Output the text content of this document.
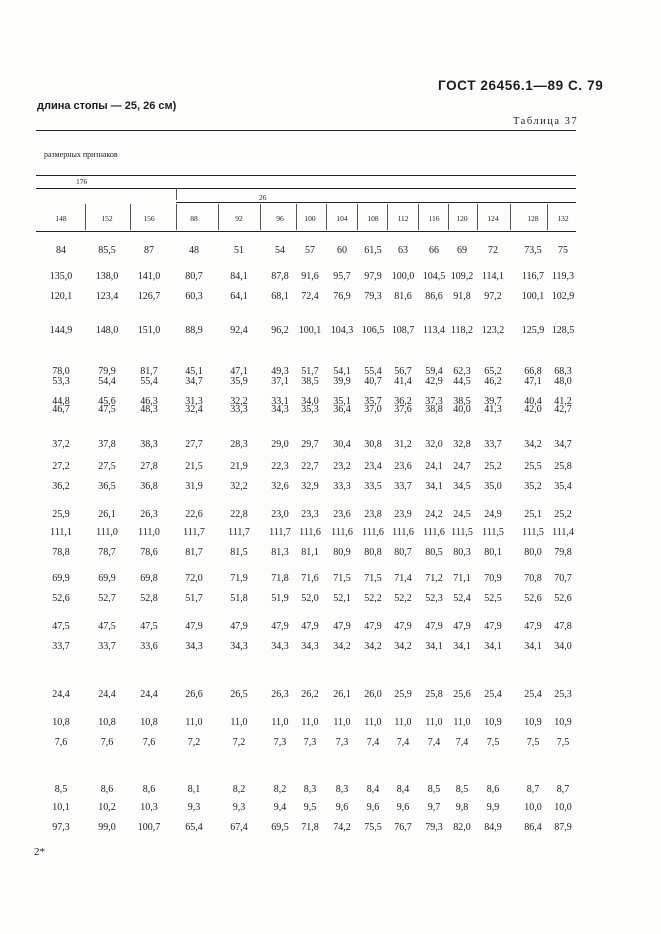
ГОСТ 26456.1—89 С. 79
длина стопы — 25, 26 см)
Таблица 37
размерных признаков
176
26
148	152	156	88	92	96	100	104	108	112	116 120	124	128	132
84	85,5	87	48	51	54 57 60 61,5 63 66 69 72	73,5 75
135,0 138,0 141,0	80,7	84,1 87,8 91,6 95,7 97,9 100,0 104,5 109,2 114,1 116,7 119,3
120,1 123,4 126,7	60,3	64,1 68,1 72,4 76,9 79,3 81,6 86,6 91,8 97,2 100,1 102,9
144,9 148,0 151,0	88,9	92,4 96,2 100,1 104,3 106,5 108,7 113,4 118,2 123,2 125,9 128,5
78,0	79,9 81,7	45,1	47,1 49,3 51,7 54,1 55,4 56,7 59,4 62,3 65,2 66,8 68,3
53,3	54,4 55,4	34,7	35,9 37,1 38,5 39,9 40,7 41,4 42,9 44,5 46,2 47,1 48,0
44,8	45,6 46,3	31,3	32,2 33,1 34,0 35,1 35,7 36,2 37,3 38,5 39,7 40,4 41,2
46,7	47,5 48,3	32,4	33,3 34,3 35,3 36,4 37,0 37,6 38,8 40,0 41,3 42,0 42,7
37,2	37,8 38,3	27,7	28,3 29,0 29,7 30,4 30,8 31,2 32,0 32,8 33,7 34,2 34,7
27,2	27,5 27,8	21,5	21,9 22,3 22,7 23,2 23,4 23,6 24,1 24,7 25,2 25,5 25,8
36,2	36,5 36,8	31,9	32,2 32,6 32,9 33,3 33,5 33,7 34,1 34,5 35,0 35,2 35,4
25,9	26,1 26,3	22,6	22,8 23,0 23,3 23,6 23,8 23,9 24,2 24,5 24,9 25,1 25,2
111,1 111,0 111,0 111,7 111,7 111,7 111,6 111,6 111,6 111,6 111,6 111,5 111,5 111,5 111,4
78,8	78,7 78,6	81,7	81,5 81,3 81,1 80,9 80,8 80,7 80,5 80,3 80,1 80,0 79,8
69,9	69,9 69,8	72,0	71,9 71,8 71,6 71,5 71,5 71,4 71,2 71,1 70,9 70,8 70,7
52,6	52,7 52,8	51,7	51,8 51,9 52,0 52,1 52,2 52,2 52,3 52,4 52,5 52,6 52,6
47,5	47,5 47,5	47,9	47,9 47,9 47,9 47,9 47,9 47,9 47,9 47,9 47,9 47,9 47,8
33,7	33,7 33,6	34,3	34,3 34,3 34,3 34,2 34,2 34,2 34,1 34,1 34,1 34,1 34,0
24,4	24,4 24,4	26,6	26,5 26,3 26,2 26,1 26,0 25,9 25,8 25,6 25,4 25,4 25,3
10,8	10,8 10,8	11,0	11,0 11,0 11,0 11,0 11,0 11,0 11,0 11,0 10,9 10,9 10,9
7,6	7,6	7,6	7,2	7,2	7,3 7,3 7,3 7,4 7,4 7,4 7,4 7,5	7,5 7,5
8,5	8,6	8,6	8,1	8,2	8,2 8,3 8,3 8,4 8,4 8,5 8,5 8,6	8,7 8,7
10,1	10,2 10,3	9,3	9,3	9,4 9,5 9,6 9,6 9,6 9,7 9,8 9,9	10,0 10,0
97,3	99,0 100,7	65,4	67,4 69,5 71,8 74,2 75,5 76,7 79,3 82,0 84,9 86,4 87,9
2*
